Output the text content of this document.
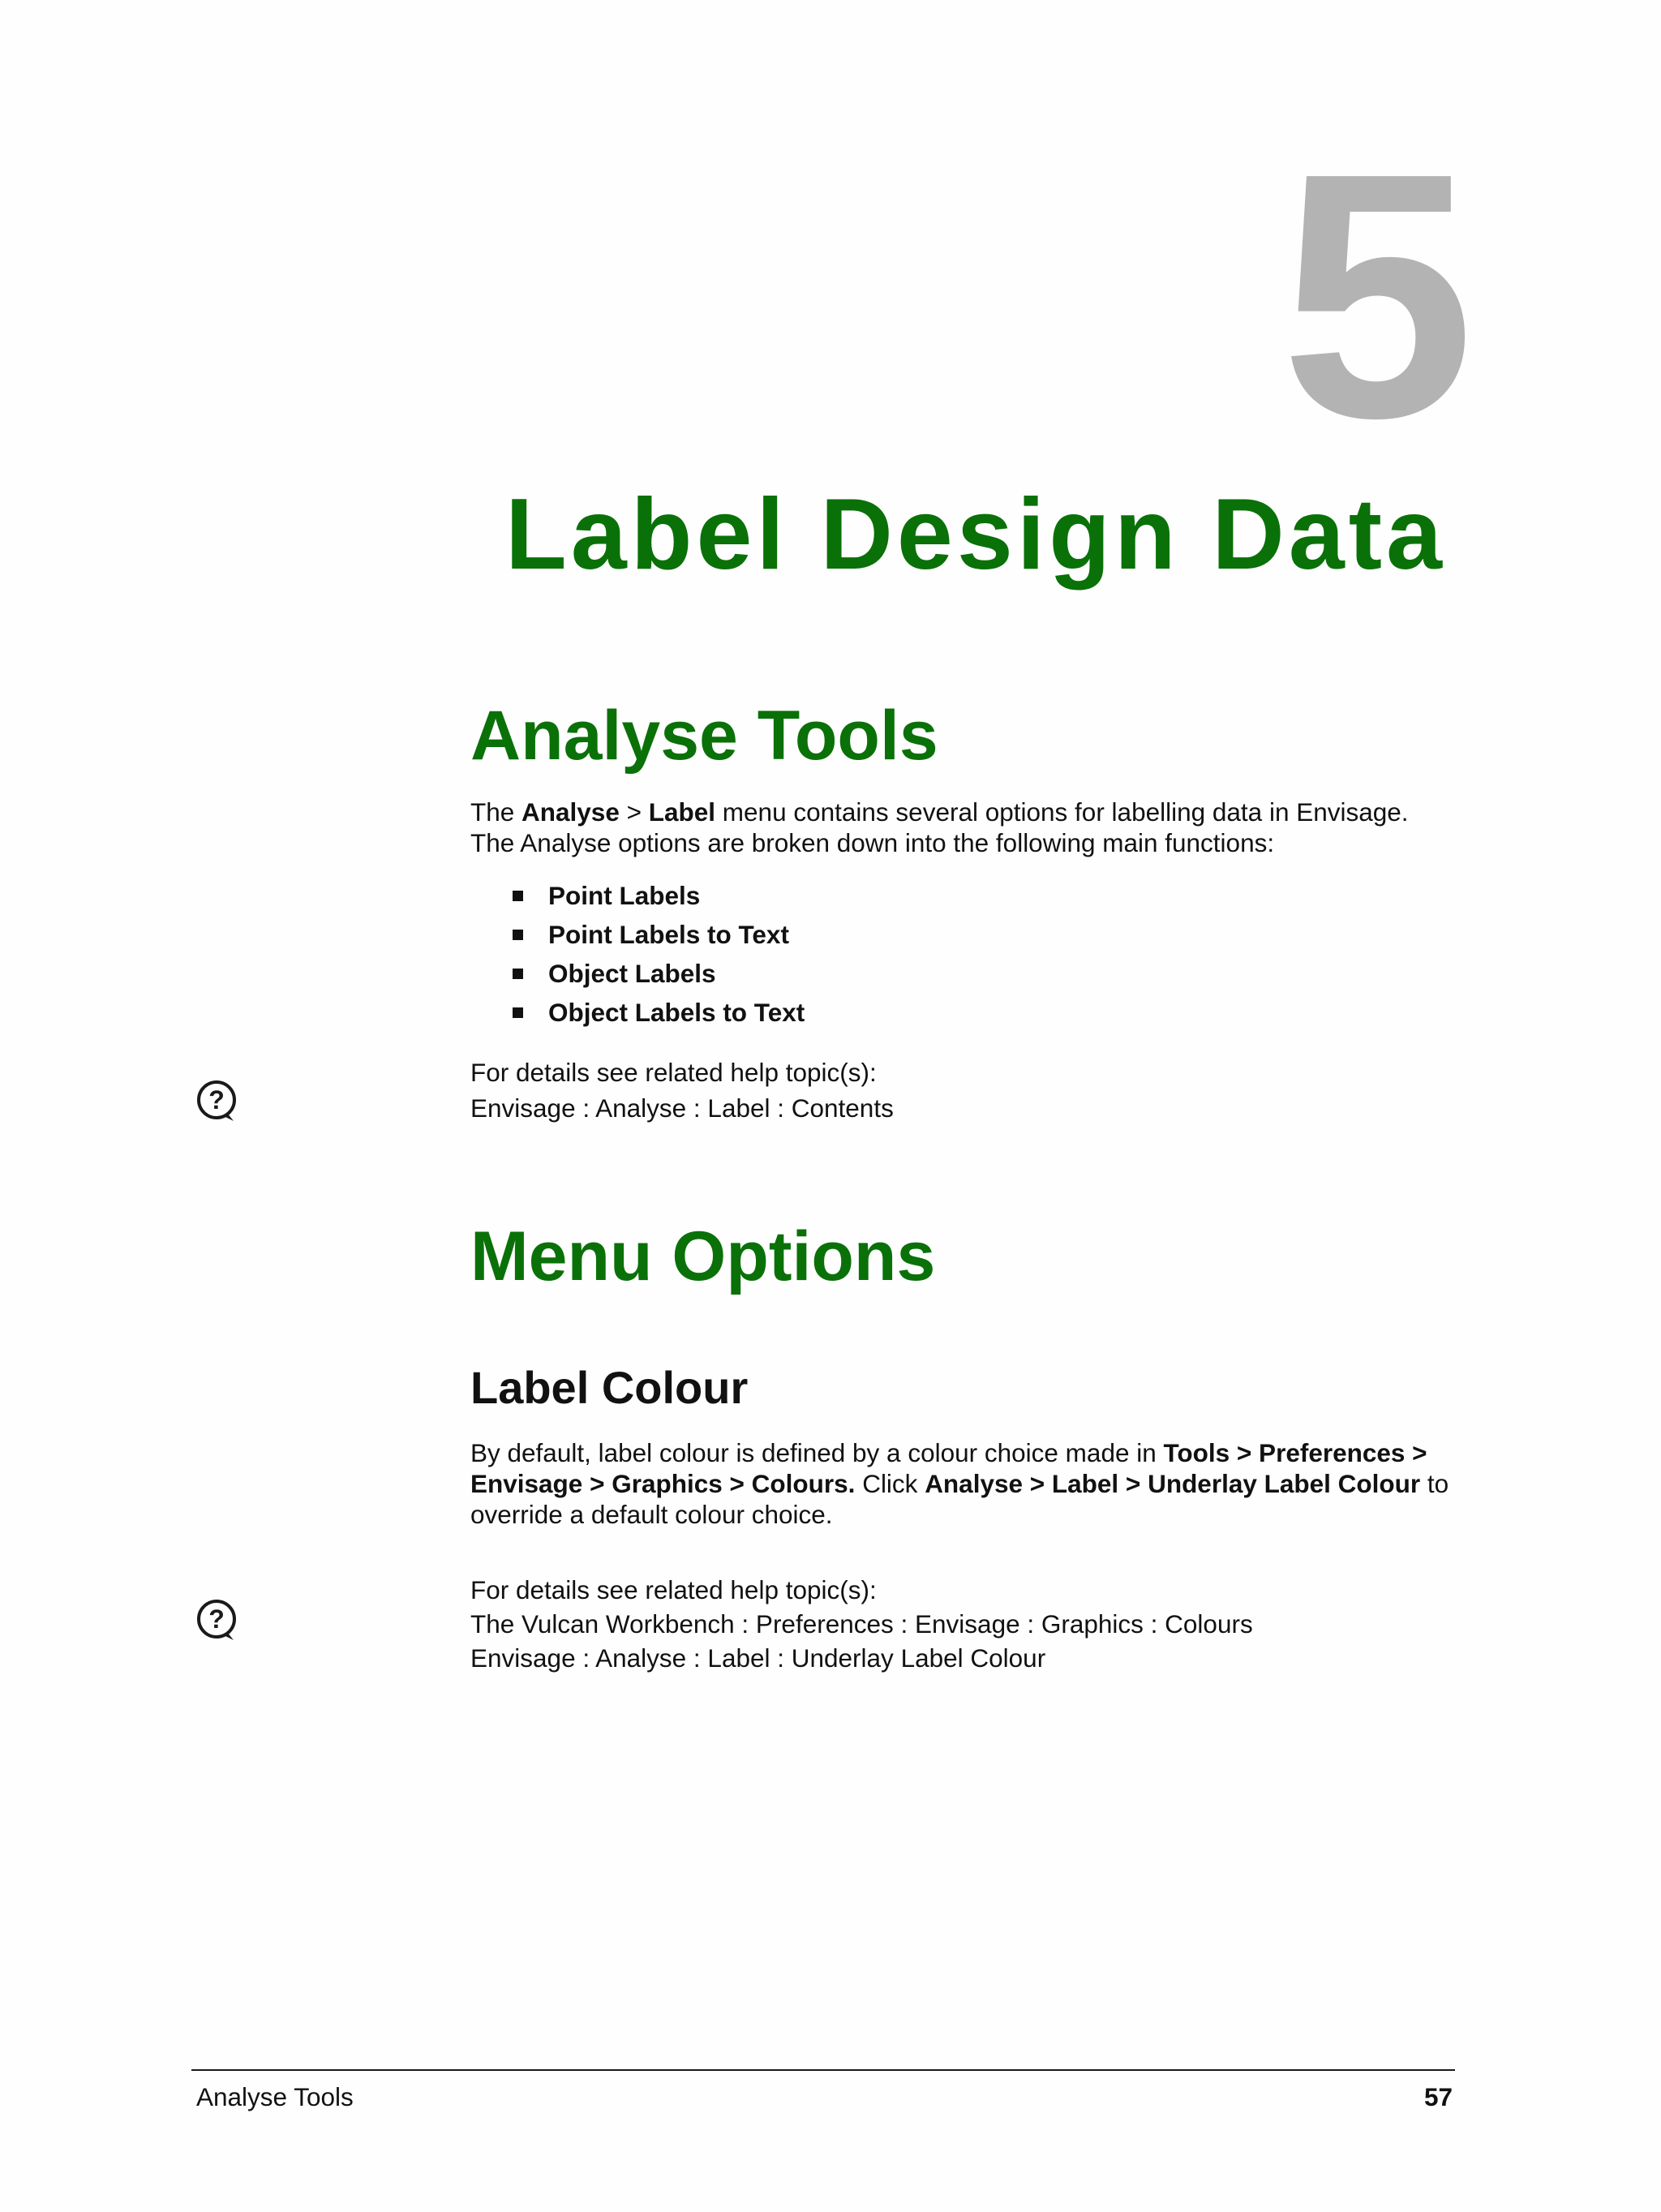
5
Label Design Data
Analyse Tools

The Analyse > Label menu contains several options for labelling data in Envisage. The Analyse options are broken down into the following main functions:

Point Labels
Point Labels to Text
Object Labels
Object Labels to Text
?

For details see related help topic(s):
Envisage : Analyse : Label : Contents

Menu Options
Label Colour

By default, label colour is defined by a colour choice made in Tools > Preferences > Envisage > Graphics > Colours. Click Analyse > Label > Underlay Label Colour to override a default colour choice.

?

For details see related help topic(s):
The Vulcan Workbench : Preferences : Envisage : Graphics : Colours
Envisage : Analyse : Label : Underlay Label Colour

Analyse Tools	57
